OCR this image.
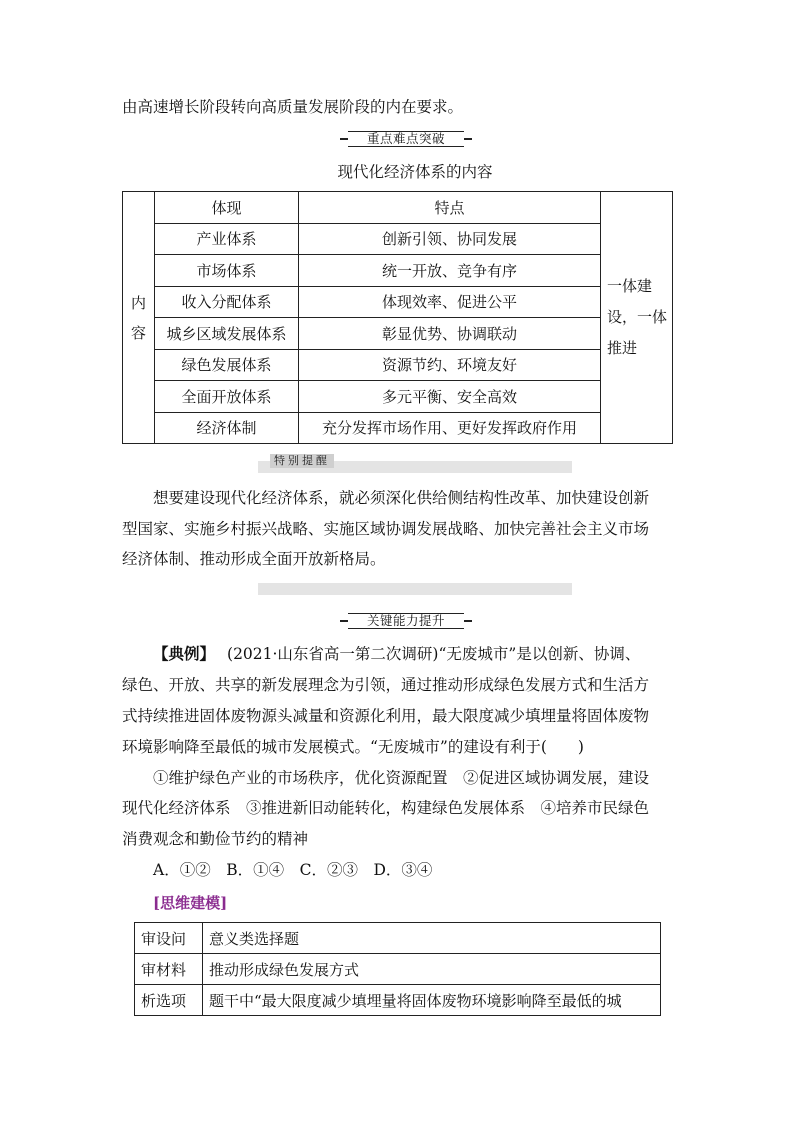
由高速增长阶段转向高质量发展阶段的内在要求。
重点难点突破
现代化经济体系的内容
内
容	体现	特点	一体建设，一体推进
	产业体系	创新引领、协同发展	
	市场体系	统一开放、竞争有序	
	收入分配体系	体现效率、促进公平	
	城乡区域发展体系	彰显优势、协调联动	
	绿色发展体系	资源节约、环境友好	
	全面开放体系	多元平衡、安全高效	
	经济体制	充分发挥市场作用、更好发挥政府作用	
特别提醒
想要建设现代化经济体系，就必须深化供给侧结构性改革、加快建设创新
型国家、实施乡村振兴战略、实施区域协调发展战略、加快完善社会主义市场
经济体制、推动形成全面开放新格局。
关键能力提升
【典例】 (2021·山东省高一第二次调研)“无废城市”是以创新、协调、
绿色、开放、共享的新发展理念为引领，通过推动形成绿色发展方式和生活方
式持续推进固体废物源头减量和资源化利用，最大限度减少填埋量将固体废物
环境影响降至最低的城市发展模式。“无废城市”的建设有利于(　　)
①维护绿色产业的市场秩序，优化资源配置　②促进区域协调发展，建设
现代化经济体系　③推进新旧动能转化，构建绿色发展体系　④培养市民绿色
消费观念和勤俭节约的精神
A．①②　B．①④　C．②③　D．③④
[思维建模]
审设问	意义类选择题
审材料	推动形成绿色发展方式
析选项	题干中“最大限度减少填埋量将固体废物环境影响降至最低的城
